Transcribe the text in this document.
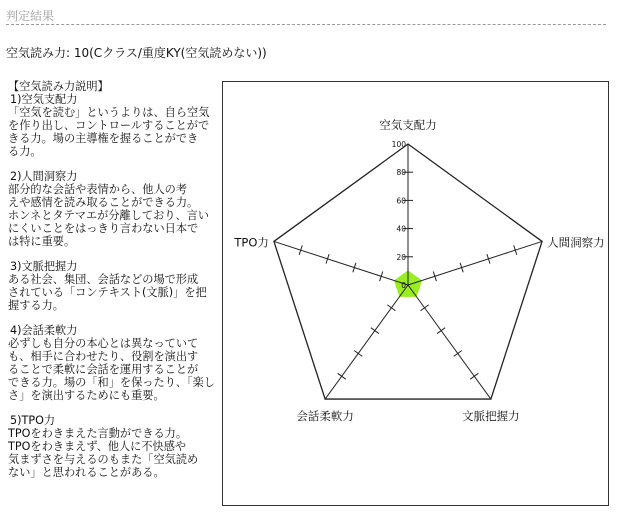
判定結果
空気読み力: 10(Cクラス/重度KY(空気読めない))

【空気読み力説明】

1)空気支配力

「空気を読む」というよりは、自ら空気

を作り出し、コントロールすることがで

きる力。場の主導権を握ることができ

る力。

2)人間洞察力

部分的な会話や表情から、他人の考

えや感情を読み取ることができる力。

ホンネとタテマエが分離しており、言い

にくいことをはっきり言わない日本で

は特に重要。

3)文脈把握力

ある社会、集団、会話などの場で形成

されている「コンテキスト(文脈)」を把

握する力。

4)会話柔軟力

必ずしも自分の本心とは異なっていて

も、相手に合わせたり、役割を演出す

ることで柔軟に会話を運用することが

できる力。場の「和」を保ったり、「楽し

さ」を演出するためにも重要。

5)TPO力

TPOをわきまえた言動ができる力。

TPOをわきまえず、他人に不快感や

気まずさを与えるのもまた「空気読め

ない」と思われることがある。

0
20
40
60
80
100
空気支配力
人間洞察力
文脈把握力
会話柔軟力
TPO力
